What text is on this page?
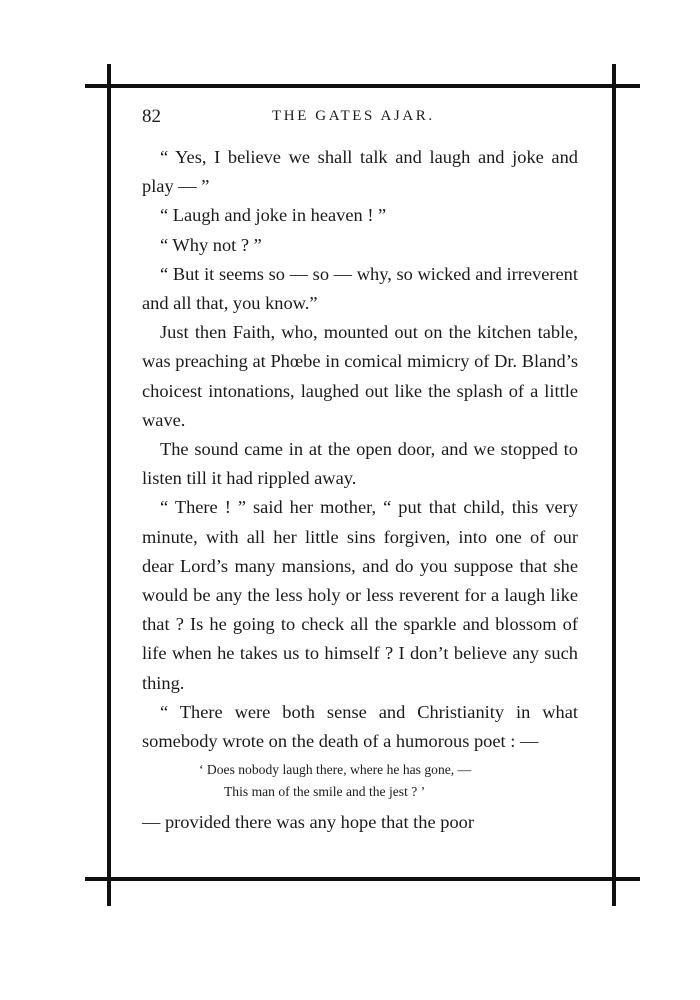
82	THE GATES AJAR.

“ Yes, I believe we shall talk and laugh and joke and play — ”

“ Laugh and joke in heaven ! ”

“ Why not ? ”

“ But it seems so — so — why, so wicked and irreverent and all that, you know.”

Just then Faith, who, mounted out on the kitchen table, was preaching at Phœbe in comical mimicry of Dr. Bland’s choicest intonations, laughed out like the splash of a little wave.

The sound came in at the open door, and we stopped to listen till it had rippled away.

“ There ! ” said her mother, “ put that child, this very minute, with all her little sins forgiven, into one of our dear Lord’s many mansions, and do you suppose that she would be any the less holy or less reverent for a laugh like that ? Is he going to check all the sparkle and blossom of life when he takes us to himself ? I don’t believe any such thing.

“ There were both sense and Christianity in what somebody wrote on the death of a humorous poet : —

‘ Does nobody laugh there, where he has gone, —
This man of the smile and the jest ? ’

— provided there was any hope that the poor
